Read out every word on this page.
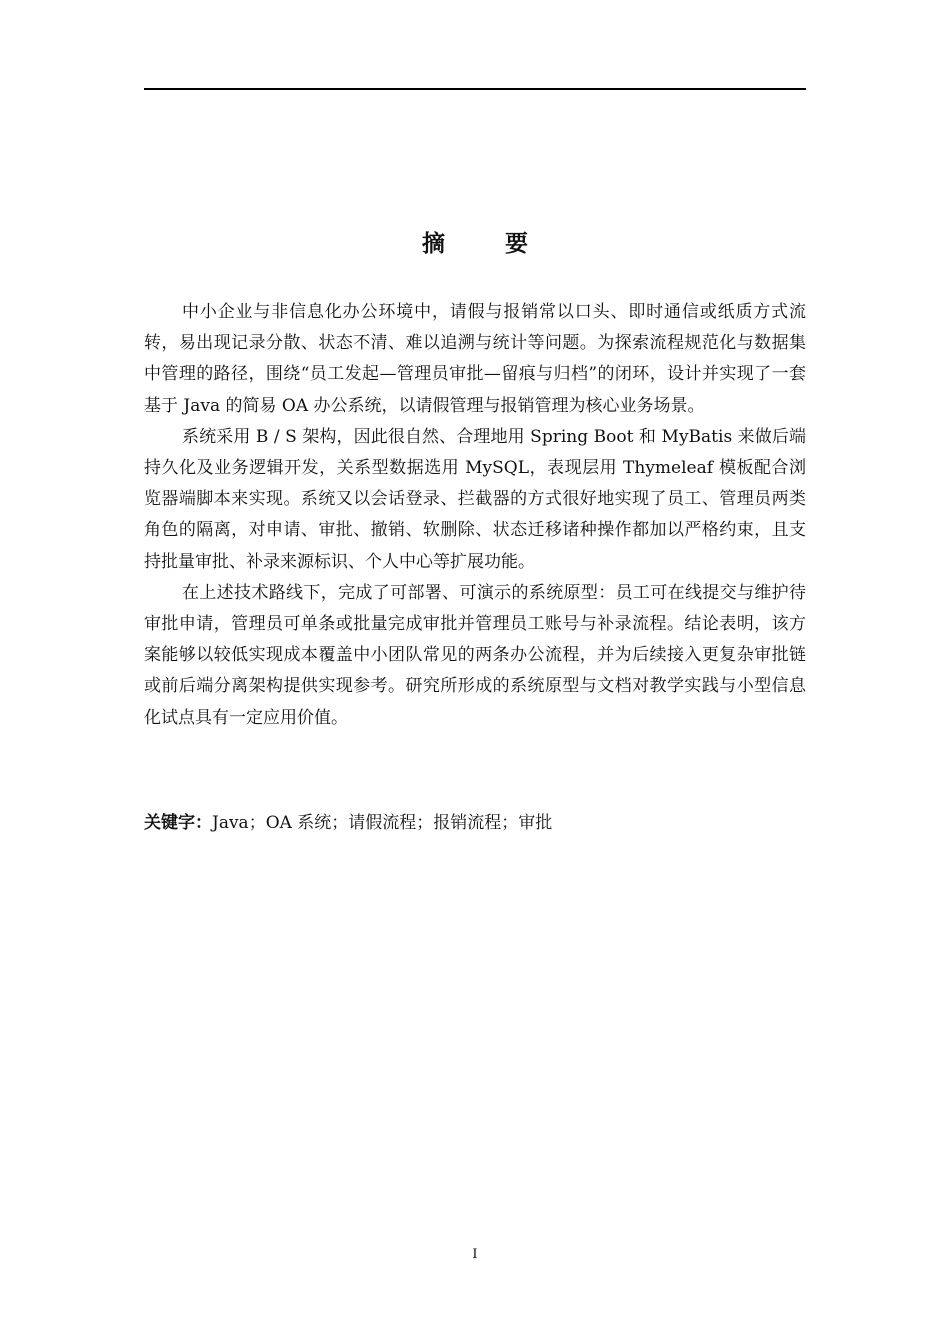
摘 要

中小企业与非信息化办公环境中，请假与报销常以口头、即时通信或纸质方式流转，易出现记录分散、状态不清、难以追溯与统计等问题。为探索流程规范化与数据集中管理的路径，围绕“员工发起—管理员审批—留痕与归档”的闭环，设计并实现了一套基于 Java 的简易 OA 办公系统，以请假管理与报销管理为核心业务场景。

系统采用 B / S 架构，因此很自然、合理地用 Spring Boot 和 MyBatis 来做后端持久化及业务逻辑开发，关系型数据选用 MySQL，表现层用 Thymeleaf 模板配合浏览器端脚本来实现。系统又以会话登录、拦截器的方式很好地实现了员工、管理员两类角色的隔离，对申请、审批、撤销、软删除、状态迁移诸种操作都加以严格约束，且支持批量审批、补录来源标识、个人中心等扩展功能。

在上述技术路线下，完成了可部署、可演示的系统原型：员工可在线提交与维护待审批申请，管理员可单条或批量完成审批并管理员工账号与补录流程。结论表明，该方案能够以较低实现成本覆盖中小团队常见的两条办公流程，并为后续接入更复杂审批链或前后端分离架构提供实现参考。研究所形成的系统原型与文档对教学实践与小型信息化试点具有一定应用价值。

关键字：Java；OA 系统；请假流程；报销流程；审批
I
